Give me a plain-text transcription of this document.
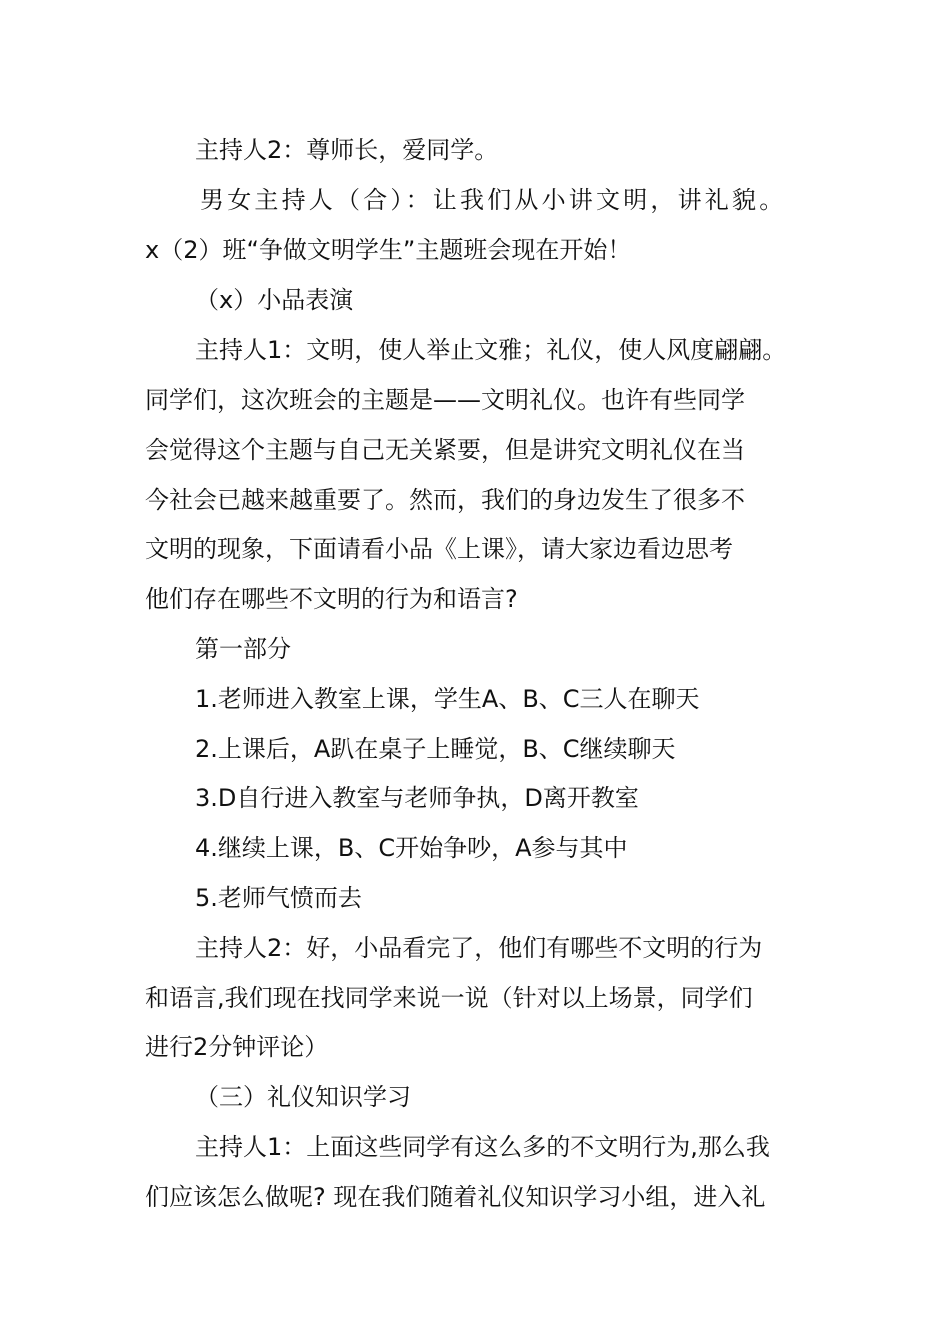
主持人2：尊师长，爱同学。
男女主持人（合）：让我们从小讲文明，讲礼貌。
x（2）班“争做文明学生”主题班会现在开始！
（x）小品表演
主持人1：文明，使人举止文雅；礼仪，使人风度翩翩。
同学们，这次班会的主题是——文明礼仪。也许有些同学
会觉得这个主题与自己无关紧要，但是讲究文明礼仪在当
今社会已越来越重要了。然而，我们的身边发生了很多不
文明的现象，下面请看小品《上课》，请大家边看边思考
他们存在哪些不文明的行为和语言?
第一部分
1.老师进入教室上课，学生A、B、C三人在聊天
2.上课后，A趴在桌子上睡觉，B、C继续聊天
3.D自行进入教室与老师争执，D离开教室
4.继续上课，B、C开始争吵，A参与其中
5.老师气愤而去
主持人2：好，小品看完了，他们有哪些不文明的行为
和语言,我们现在找同学来说一说（针对以上场景，同学们
进行2分钟评论）
（三）礼仪知识学习
主持人1：上面这些同学有这么多的不文明行为,那么我
们应该怎么做呢? 现在我们随着礼仪知识学习小组，进入礼
